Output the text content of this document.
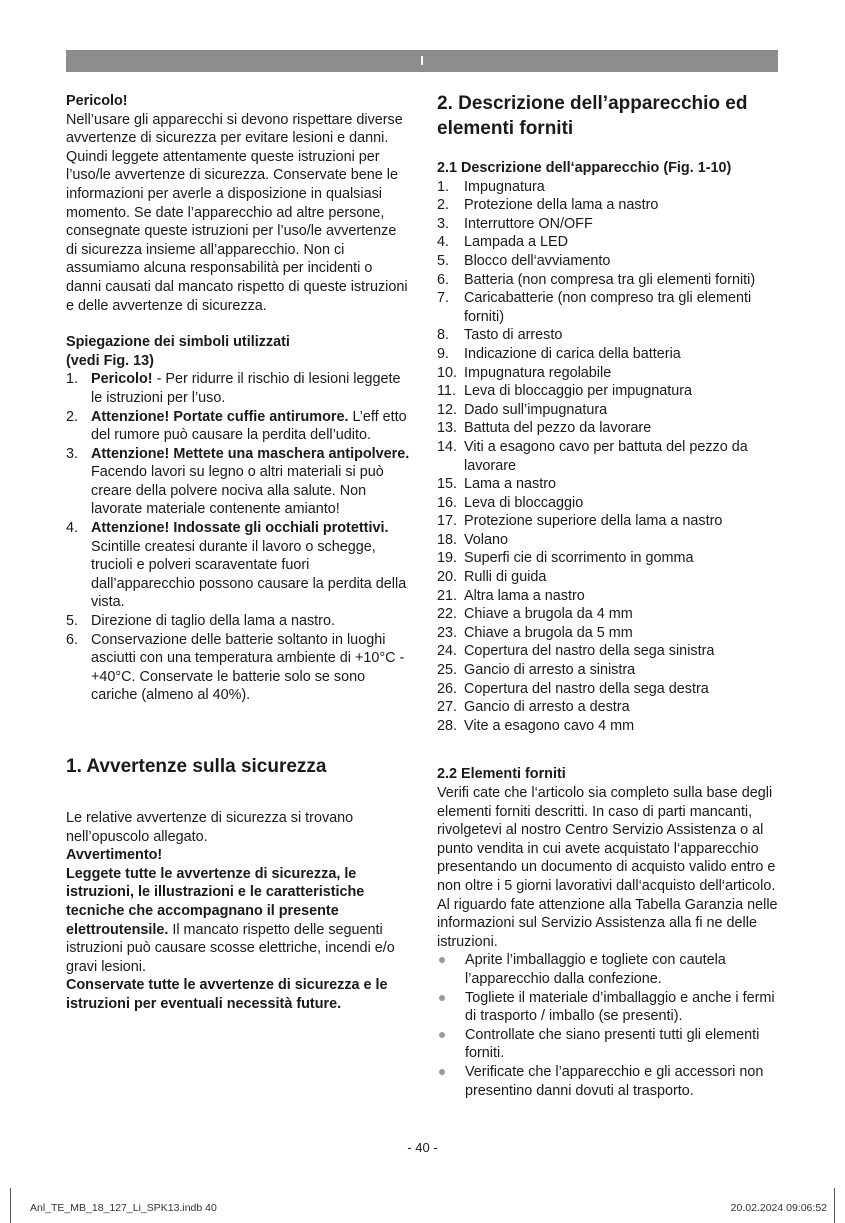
I

Pericolo!

Nell’usare gli apparecchi si devono rispettare diverse avvertenze di sicurezza per evitare lesioni e danni. Quindi leggete attentamente queste istruzioni per l’uso/le avvertenze di sicurezza. Conservate bene le informazioni per averle a disposizione in qualsiasi momento. Se date l’apparecchio ad altre persone, consegnate queste istruzioni per l’uso/le avvertenze di sicurezza insieme all’apparecchio. Non ci assumiamo alcuna responsabilità per incidenti o danni causati dal mancato rispetto di queste istruzioni e delle avvertenze di sicurezza.

Spiegazione dei simboli utilizzati

(vedi Fig. 13)

1. Pericolo! - Per ridurre il rischio di lesioni leggete le istruzioni per l’uso.
2. Attenzione! Portate cuffie antirumore. L’eff etto del rumore può causare la perdita dell’udito.
3. Attenzione! Mettete una maschera antipolvere. Facendo lavori su legno o altri materiali si può creare della polvere nociva alla salute. Non lavorate materiale contenente amianto!
4. Attenzione! Indossate gli occhiali protettivi. Scintille createsi durante il lavoro o schegge, trucioli e polveri scaraventate fuori dall’apparecchio possono causare la perdita della vista.
5. Direzione di taglio della lama a nastro.
6. Conservazione delle batterie soltanto in luoghi asciutti con una temperatura ambiente di +10°C - +40°C. Conservate le batterie solo se sono cariche (almeno al 40%).

1. Avvertenze sulla sicurezza

Le relative avvertenze di sicurezza si trovano nell’opuscolo allegato.

Avvertimento!

Leggete tutte le avvertenze di sicurezza, le istruzioni, le illustrazioni e le caratteristiche tecniche che accompagnano il presente elettroutensile. Il mancato rispetto delle seguenti istruzioni può causare scosse elettriche, incendi e/o gravi lesioni.

Conservate tutte le avvertenze di sicurezza e le istruzioni per eventuali necessità future.

2. Descrizione dell’apparecchio ed elementi forniti

2.1 Descrizione dell‘apparecchio (Fig. 1-10)

1. Impugnatura
2. Protezione della lama a nastro
3. Interruttore ON/OFF
4. Lampada a LED
5. Blocco dell‘avviamento
6. Batteria (non compresa tra gli elementi forniti)
7. Caricabatterie (non compreso tra gli elementi forniti)
8. Tasto di arresto
9. Indicazione di carica della batteria
10. Impugnatura regolabile
11. Leva di bloccaggio per impugnatura
12. Dado sull’impugnatura
13. Battuta del pezzo da lavorare
14. Viti a esagono cavo per battuta del pezzo da lavorare
15. Lama a nastro
16. Leva di bloccaggio
17. Protezione superiore della lama a nastro
18. Volano
19. Superfi cie di scorrimento in gomma
20. Rulli di guida
21. Altra lama a nastro
22. Chiave a brugola da 4 mm
23. Chiave a brugola da 5 mm
24. Copertura del nastro della sega sinistra
25. Gancio di arresto a sinistra
26. Copertura del nastro della sega destra
27. Gancio di arresto a destra
28. Vite a esagono cavo 4 mm

2.2 Elementi forniti

Verifi cate che l‘articolo sia completo sulla base degli elementi forniti descritti. In caso di parti mancanti, rivolgetevi al nostro Centro Servizio Assistenza o al punto vendita in cui avete acquistato l‘apparecchio presentando un documento di acquisto valido entro e non oltre i 5 giorni lavorativi dall‘acquisto dell‘articolo. Al riguardo fate attenzione alla Tabella Garanzia nelle informazioni sul Servizio Assistenza alla fi ne delle istruzioni.

Aprite l’imballaggio e togliete con cautela l’apparecchio dalla confezione.
Togliete il materiale d’imballaggio e anche i fermi di trasporto / imballo (se presenti).
Controllate che siano presenti tutti gli elementi forniti.
Verificate che l’apparecchio e gli accessori non presentino danni dovuti al trasporto.
- 40 -
Anl_TE_MB_18_127_Li_SPK13.indb 40	20.02.2024 09:06:52
